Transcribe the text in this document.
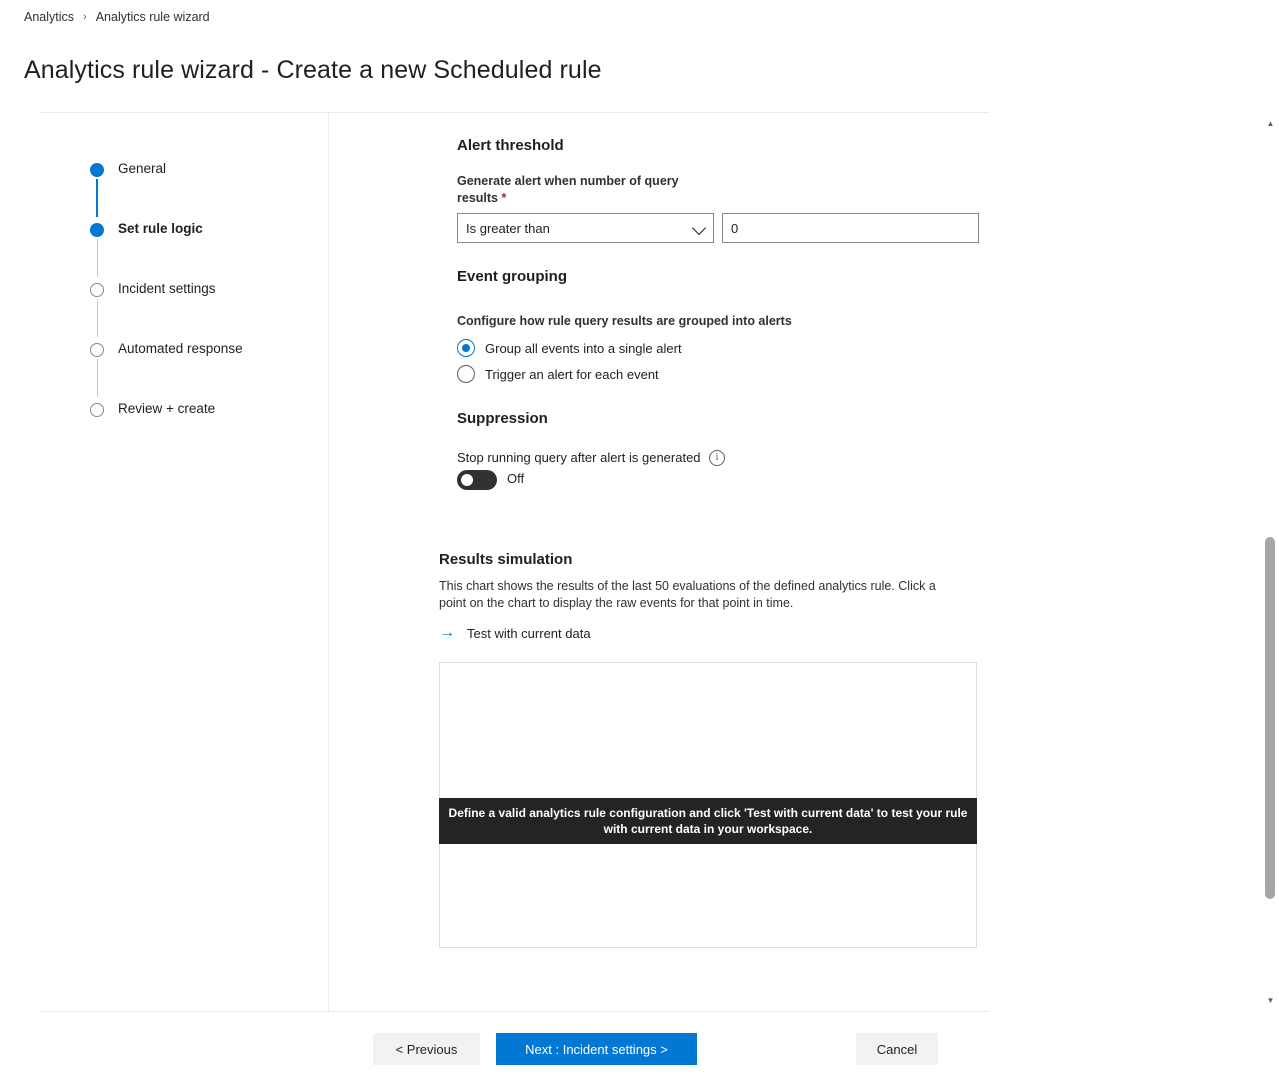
Analytics › Analytics rule wizard
Analytics rule wizard - Create a new Scheduled rule
General
Set rule logic
Incident settings
Automated response
Review + create
Alert threshold
Generate alert when number of query results *
Is greater than
0
Event grouping
Configure how rule query results are grouped into alerts
Group all events into a single alert
Trigger an alert for each event
Suppression
Stop running query after alert is generated	i
Off
Results simulation
This chart shows the results of the last 50 evaluations of the defined analytics rule. Click a point on the chart to display the raw events for that point in time.
→ Test with current data
Define a valid analytics rule configuration and click 'Test with current data' to test your rule with current data in your workspace.
▲
▼
< Previous	Next : Incident settings >	Cancel
